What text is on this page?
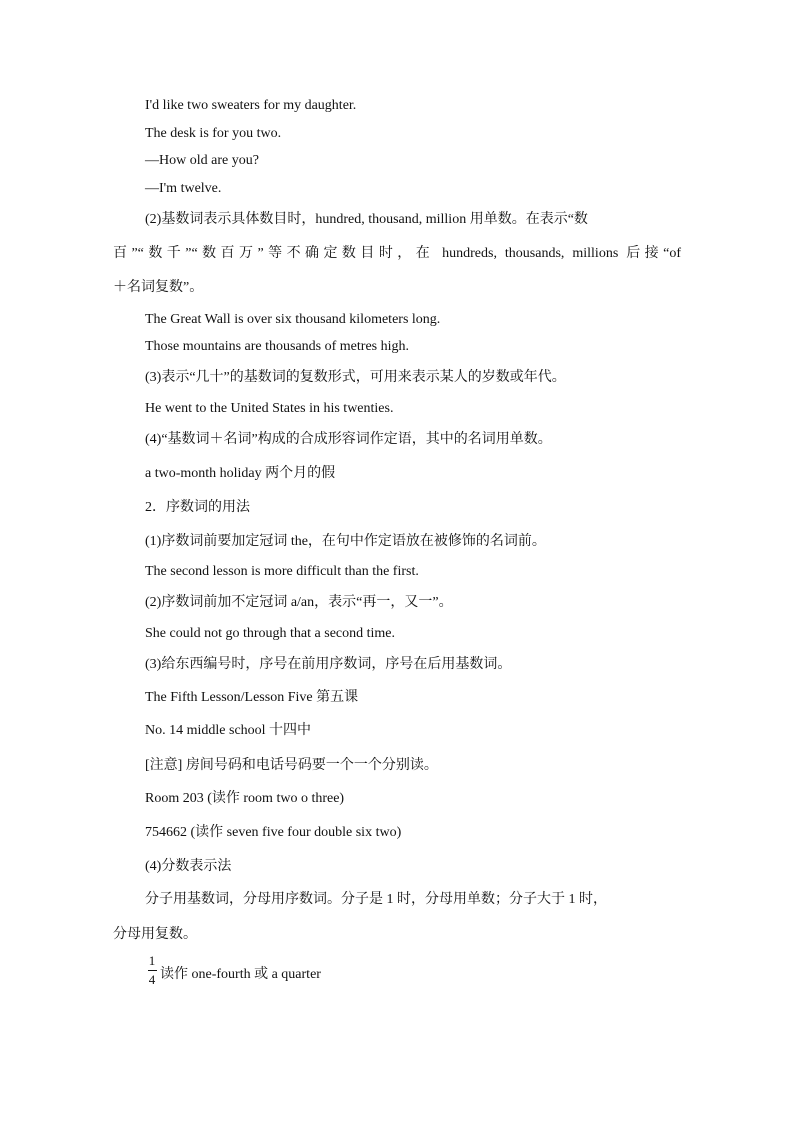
I'd like two sweaters for my daughter.
The desk is for you two.
—How old are you?
—I'm twelve.
(2)基数词表示具体数目时，hundred, thousand, million 用单数。在表示“数
百”“数千”“数百万”等不确定数目时，在 hundreds, thousands, millions 后接“of
＋名词复数”。
The Great Wall is over six thousand kilometers long.
Those mountains are thousands of metres high.
(3)表示“几十”的基数词的复数形式，可用来表示某人的岁数或年代。
He went to the United States in his twenties.
(4)“基数词＋名词”构成的合成形容词作定语，其中的名词用单数。
a two-month holiday 两个月的假
2．序数词的用法
(1)序数词前要加定冠词 the，在句中作定语放在被修饰的名词前。
The second lesson is more difficult than the first.
(2)序数词前加不定冠词 a/an，表示“再一，又一”。
She could not go through that a second time.
(3)给东西编号时，序号在前用序数词，序号在后用基数词。
The Fifth Lesson/Lesson Five 第五课
No. 14 middle school 十四中
[注意] 房间号码和电话号码要一个一个分别读。
Room 203 (读作 room two o three)
754662 (读作 seven five four double six two)
(4)分数表示法
分子用基数词，分母用序数词。分子是 1 时，分母用单数；分子大于 1 时，
分母用复数。
1
4 读作 one-fourth 或 a quarter
